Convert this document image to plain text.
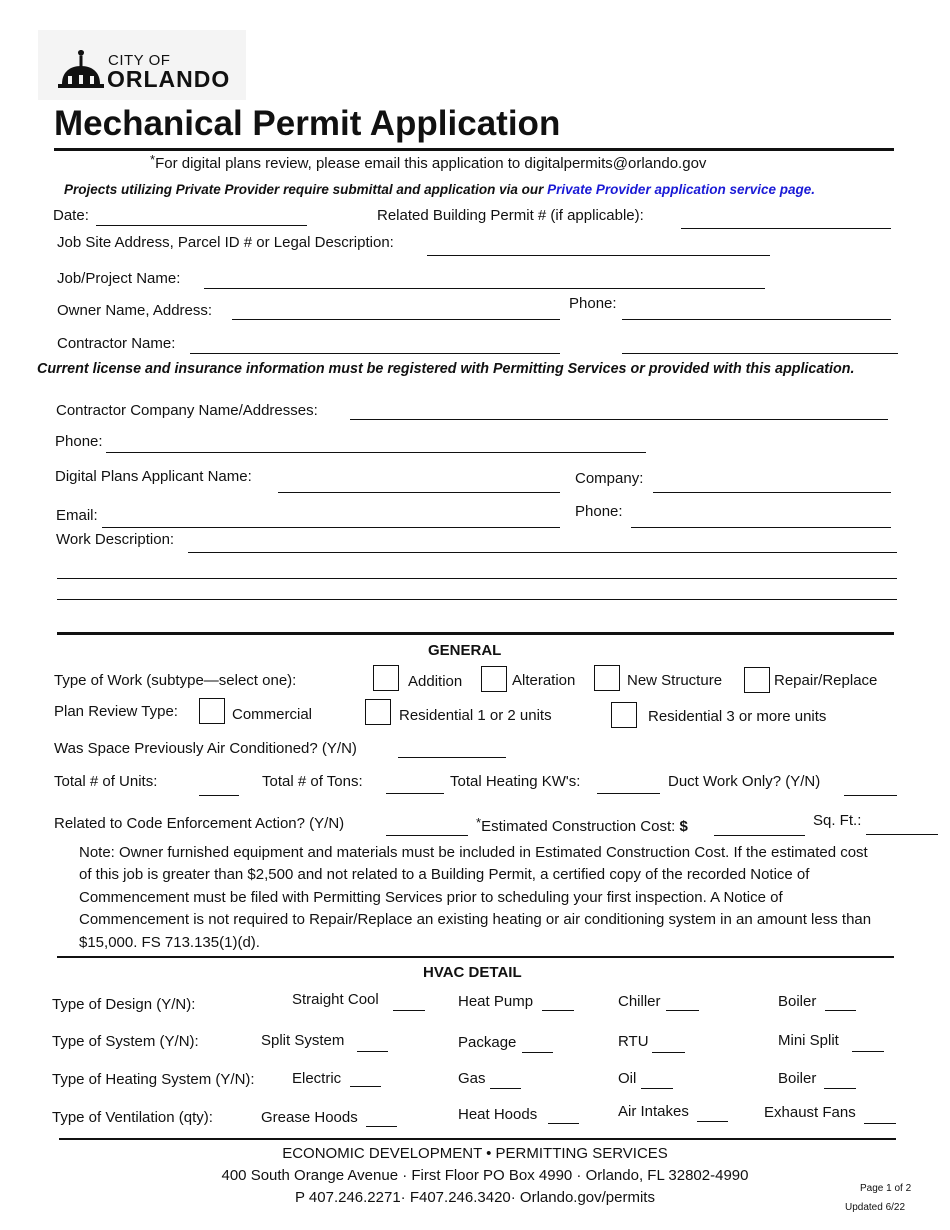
CITY OF
ORLANDO
Mechanical Permit Application
*For digital plans review, please email this application to digitalpermits@orlando.gov
Projects utilizing Private Provider require submittal and application via our Private Provider application service page.
Date:	Related Building Permit # (if applicable):
Job Site Address, Parcel ID # or Legal Description:
Job/Project Name:
Owner Name, Address:	Phone:
Contractor Name:
Current license and insurance information must be registered with Permitting Services or provided with this application.
Contractor Company Name/Addresses:
Phone:
Digital Plans Applicant Name:	Company:
Email:	Phone:
Work Description:
GENERAL
Type of Work (subtype—select one):	Addition	Alteration	New Structure	Repair/Replace
Plan Review Type:	Commercial	Residential 1 or 2 units	Residential 3 or more units
Was Space Previously Air Conditioned? (Y/N)
Total # of Units:	Total # of Tons:	Total Heating KW's:	Duct Work Only? (Y/N)
Related to Code Enforcement Action? (Y/N)	*Estimated Construction Cost: $	Sq. Ft.:
Note: Owner furnished equipment and materials must be included in Estimated Construction Cost. If the estimated cost of this job is greater than $2,500 and not related to a Building Permit, a certified copy of the recorded Notice of Commencement must be filed with Permitting Services prior to scheduling your first inspection. A Notice of Commencement is not required to Repair/Replace an existing heating or air conditioning system in an amount less than $15,000. FS 713.135(1)(d).
HVAC DETAIL
Type of Design (Y/N):	Straight Cool	Heat Pump	Chiller	Boiler
Type of System (Y/N):	Split System	Package	RTU	Mini Split
Type of Heating System (Y/N): Electric	Gas	Oil	Boiler
Type of Ventilation (qty):	Grease Hoods	Heat Hoods	Air Intakes	Exhaust Fans
ECONOMIC DEVELOPMENT • PERMITTING SERVICES
400 South Orange Avenue · First Floor PO Box 4990 · Orlando, FL 32802-4990
P 407.246.2271· F407.246.3420· Orlando.gov/permits
Page 1 of 2
Updated 6/22
